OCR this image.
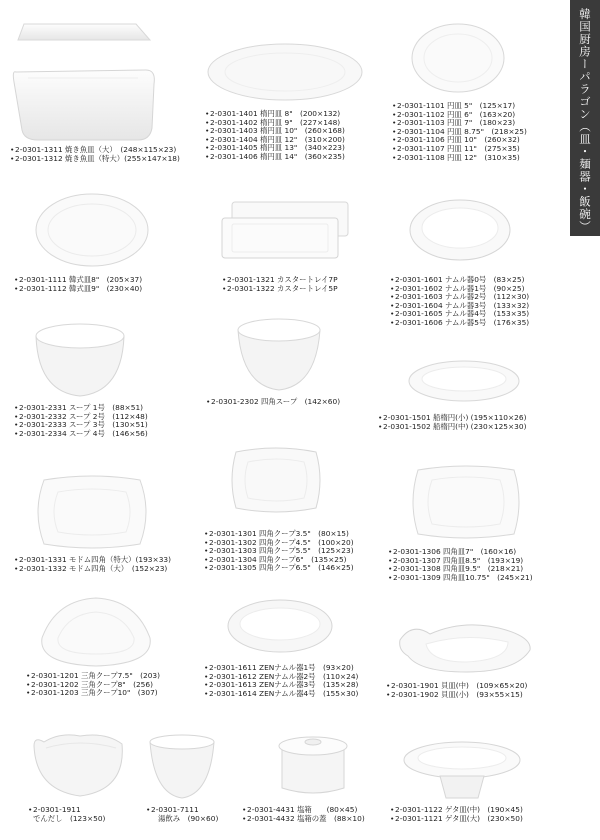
韓国厨房ーパラゴン（皿・麺器・飯碗）
•2-0301-1311 焼き魚皿（大）　(248×115×23)
•2-0301-1312 焼き魚皿（特大）(255×147×18)
•2-0301-1401 楕円皿 8"　(200×132)
•2-0301-1402 楕円皿 9"　(227×148)
•2-0301-1403 楕円皿 10"　(260×168)
•2-0301-1404 楕円皿 12"　(310×200)
•2-0301-1405 楕円皿 13"　(340×223)
•2-0301-1406 楕円皿 14"　(360×235)
•2-0301-1101 円皿 5"　(125×17)
•2-0301-1102 円皿 6"　(163×20)
•2-0301-1103 円皿 7"　(180×23)
•2-0301-1104 円皿 8.75"　(218×25)
•2-0301-1106 円皿 10"　(260×32)
•2-0301-1107 円皿 11"　(275×35)
•2-0301-1108 円皿 12"　(310×35)
•2-0301-1111 韓式皿8"　(205×37)
•2-0301-1112 韓式皿9"　(230×40)
•2-0301-1321 カスタートレイ7P
•2-0301-1322 カスタートレイ5P
•2-0301-1601 ナムル器0号　(83×25)
•2-0301-1602 ナムル器1号　(90×25)
•2-0301-1603 ナムル器2号　(112×30)
•2-0301-1604 ナムル器3号　(133×32)
•2-0301-1605 ナムル器4号　(153×35)
•2-0301-1606 ナムル器5号　(176×35)
•2-0301-2331 スープ 1号　(88×51)
•2-0301-2332 スープ 2号　(112×48)
•2-0301-2333 スープ 3号　(130×51)
•2-0301-2334 スープ 4号　(146×56)
•2-0301-2302 四角スープ　(142×60)
•2-0301-1501 船楕円(小) (195×110×26)
•2-0301-1502 船楕円(中) (230×125×30)
•2-0301-1331 モドム四角（特大）(193×33)
•2-0301-1332 モドム四角（大）　(152×23)
•2-0301-1301 四角クープ3.5"　(80×15)
•2-0301-1302 四角クープ4.5"　(100×20)
•2-0301-1303 四角クープ5.5"　(125×23)
•2-0301-1304 四角クープ6"　(135×25)
•2-0301-1305 四角クープ6.5"　(146×25)
•2-0301-1306 四角皿7"　(160×16)
•2-0301-1307 四角皿8.5"　(193×19)
•2-0301-1308 四角皿9.5"　(218×21)
•2-0301-1309 四角皿10.75"　(245×21)
•2-0301-1201 三角クープ7.5"　(203)
•2-0301-1202 三角クープ8"　(256)
•2-0301-1203 三角クープ10"　(307)
•2-0301-1611 ZENナムル器1号　(93×20)
•2-0301-1612 ZENナムル器2号　(110×24)
•2-0301-1613 ZENナムル器3号　(135×28)
•2-0301-1614 ZENナムル器4号　(155×30)
•2-0301-1901 貝皿(中)　(109×65×20)
•2-0301-1902 貝皿(小)　(93×55×15)
•2-0301-1911
でんだし　(123×50)
•2-0301-7111
湯飲み　(90×60)
•2-0301-4431 塩箱　　(80×45)
•2-0301-4432 塩箱の蓋　(88×10)
•2-0301-1122 ゲタ皿(中)　(190×45)
•2-0301-1121 ゲタ皿(大)　(230×50)
